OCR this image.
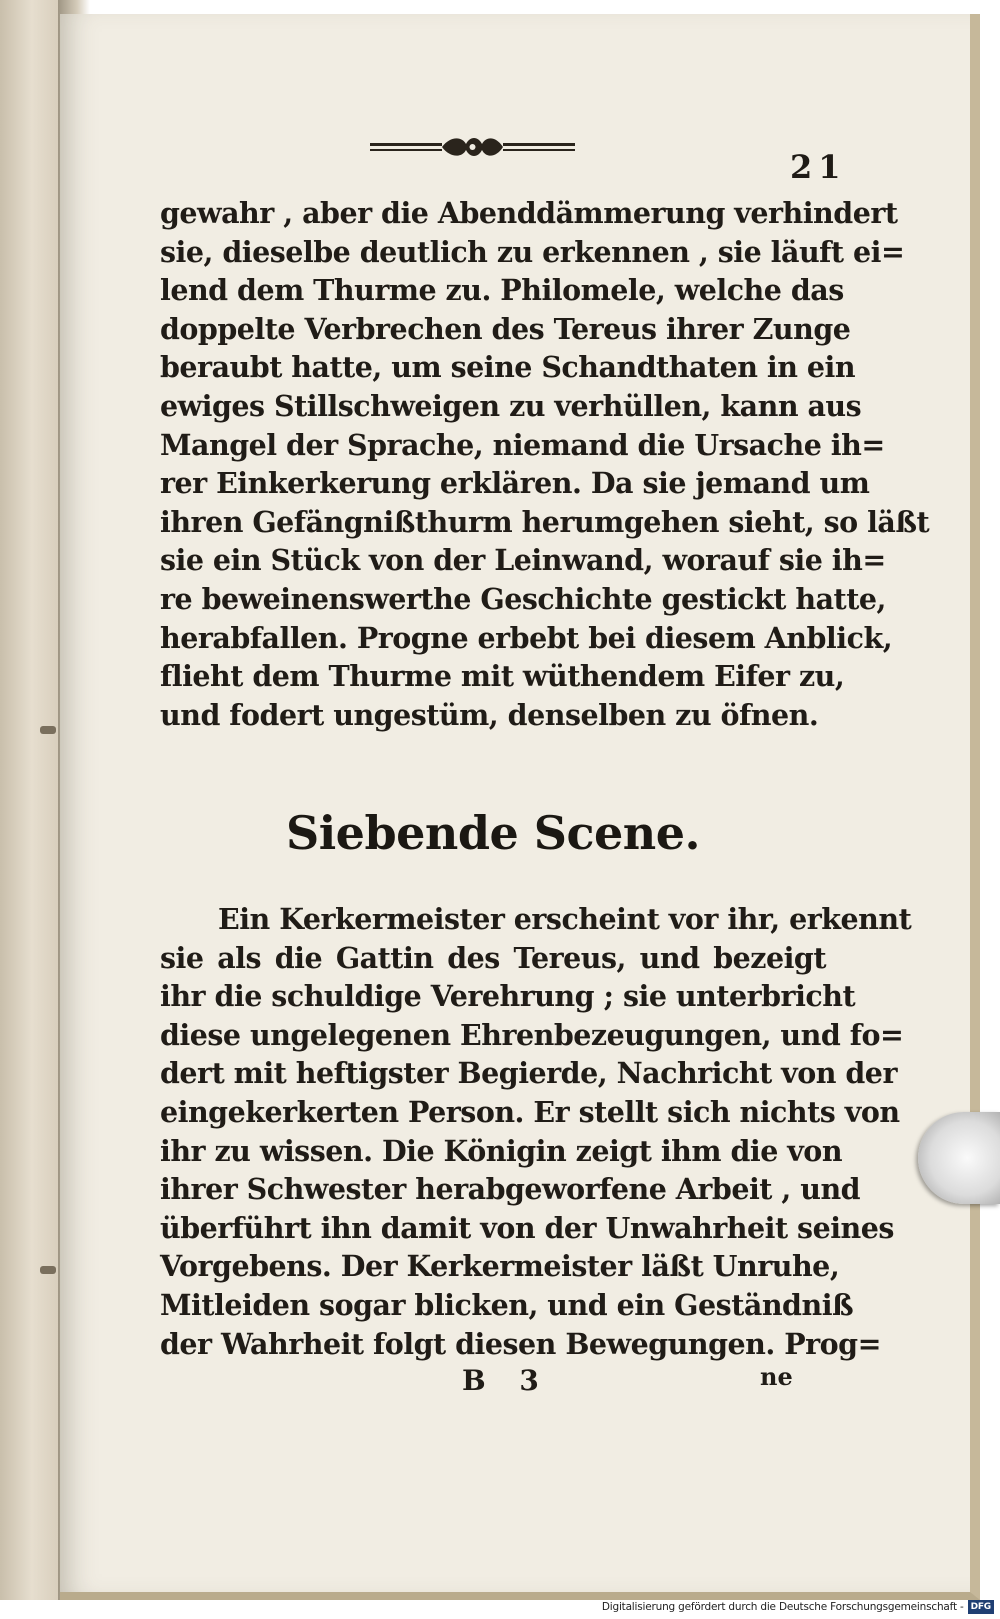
21
gewahr , aber die Abenddämmerung verhindert
sie, dieselbe deutlich zu erkennen , sie läuft ei=
lend dem Thurme zu. Philomele, welche das
doppelte Verbrechen des Tereus ihrer Zunge
beraubt hatte, um seine Schandthaten in ein
ewiges Stillschweigen zu verhüllen, kann aus
Mangel der Sprache, niemand die Ursache ih=
rer Einkerkerung erklären. Da sie jemand um
ihren Gefängnißthurm herumgehen sieht, so läßt
sie ein Stück von der Leinwand, worauf sie ih=
re beweinenswerthe Geschichte gestickt hatte,
herabfallen. Progne erbebt bei diesem Anblick,
flieht dem Thurme mit wüthendem Eifer zu,
und fodert ungestüm, denselben zu öfnen.
Siebende Scene.
Ein Kerkermeister erscheint vor ihr, erkennt
sie als die Gattin des Tereus, und bezeigt
ihr die schuldige Verehrung ; sie unterbricht
diese ungelegenen Ehrenbezeugungen, und fo=
dert mit heftigster Begierde, Nachricht von der
eingekerkerten Person. Er stellt sich nichts von
ihr zu wissen. Die Königin zeigt ihm die von
ihrer Schwester herabgeworfene Arbeit , und
überführt ihn damit von der Unwahrheit seines
Vorgebens. Der Kerkermeister läßt Unruhe,
Mitleiden sogar blicken, und ein Geständniß
der Wahrheit folgt diesen Bewegungen. Prog=
B 3	ne
Digitalisierung gefördert durch die Deutsche Forschungsgemeinschaft - DFG
